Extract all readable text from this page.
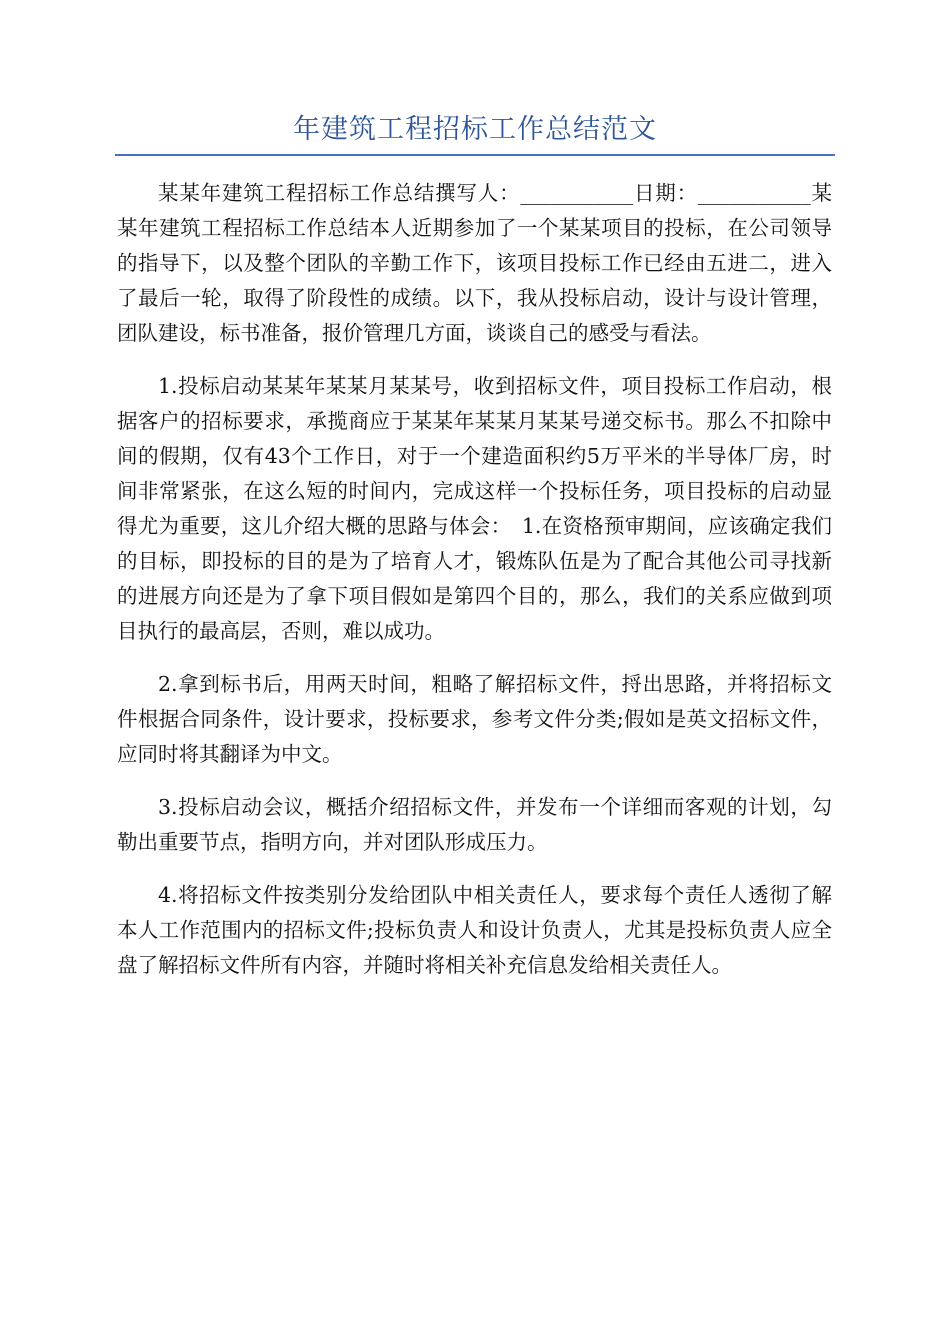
年建筑工程招标工作总结范文

某某年建筑工程招标工作总结撰写人：___________日期：___________某某年建筑工程招标工作总结本人近期参加了一个某某项目的投标，在公司领导的指导下，以及整个团队的辛勤工作下，该项目投标工作已经由五进二，进入了最后一轮，取得了阶段性的成绩。以下，我从投标启动，设计与设计管理，团队建设，标书准备，报价管理几方面，谈谈自己的感受与看法。

1.投标启动某某年某某月某某号，收到招标文件，项目投标工作启动，根据客户的招标要求，承揽商应于某某年某某月某某号递交标书。那么不扣除中间的假期，仅有43个工作日，对于一个建造面积约5万平米的半导体厂房，时间非常紧张，在这么短的时间内，完成这样一个投标任务，项目投标的启动显得尤为重要，这儿介绍大概的思路与体会：　1.在资格预审期间，应该确定我们的目标，即投标的目的是为了培育人才，锻炼队伍是为了配合其他公司寻找新的进展方向还是为了拿下项目假如是第四个目的，那么，我们的关系应做到项目执行的最高层，否则，难以成功。

2.拿到标书后，用两天时间，粗略了解招标文件，捋出思路，并将招标文件根据合同条件，设计要求，投标要求，参考文件分类;假如是英文招标文件，应同时将其翻译为中文。

3.投标启动会议，概括介绍招标文件，并发布一个详细而客观的计划，勾勒出重要节点，指明方向，并对团队形成压力。

4.将招标文件按类别分发给团队中相关责任人，要求每个责任人透彻了解本人工作范围内的招标文件;投标负责人和设计负责人，尤其是投标负责人应全盘了解招标文件所有内容，并随时将相关补充信息发给相关责任人。
